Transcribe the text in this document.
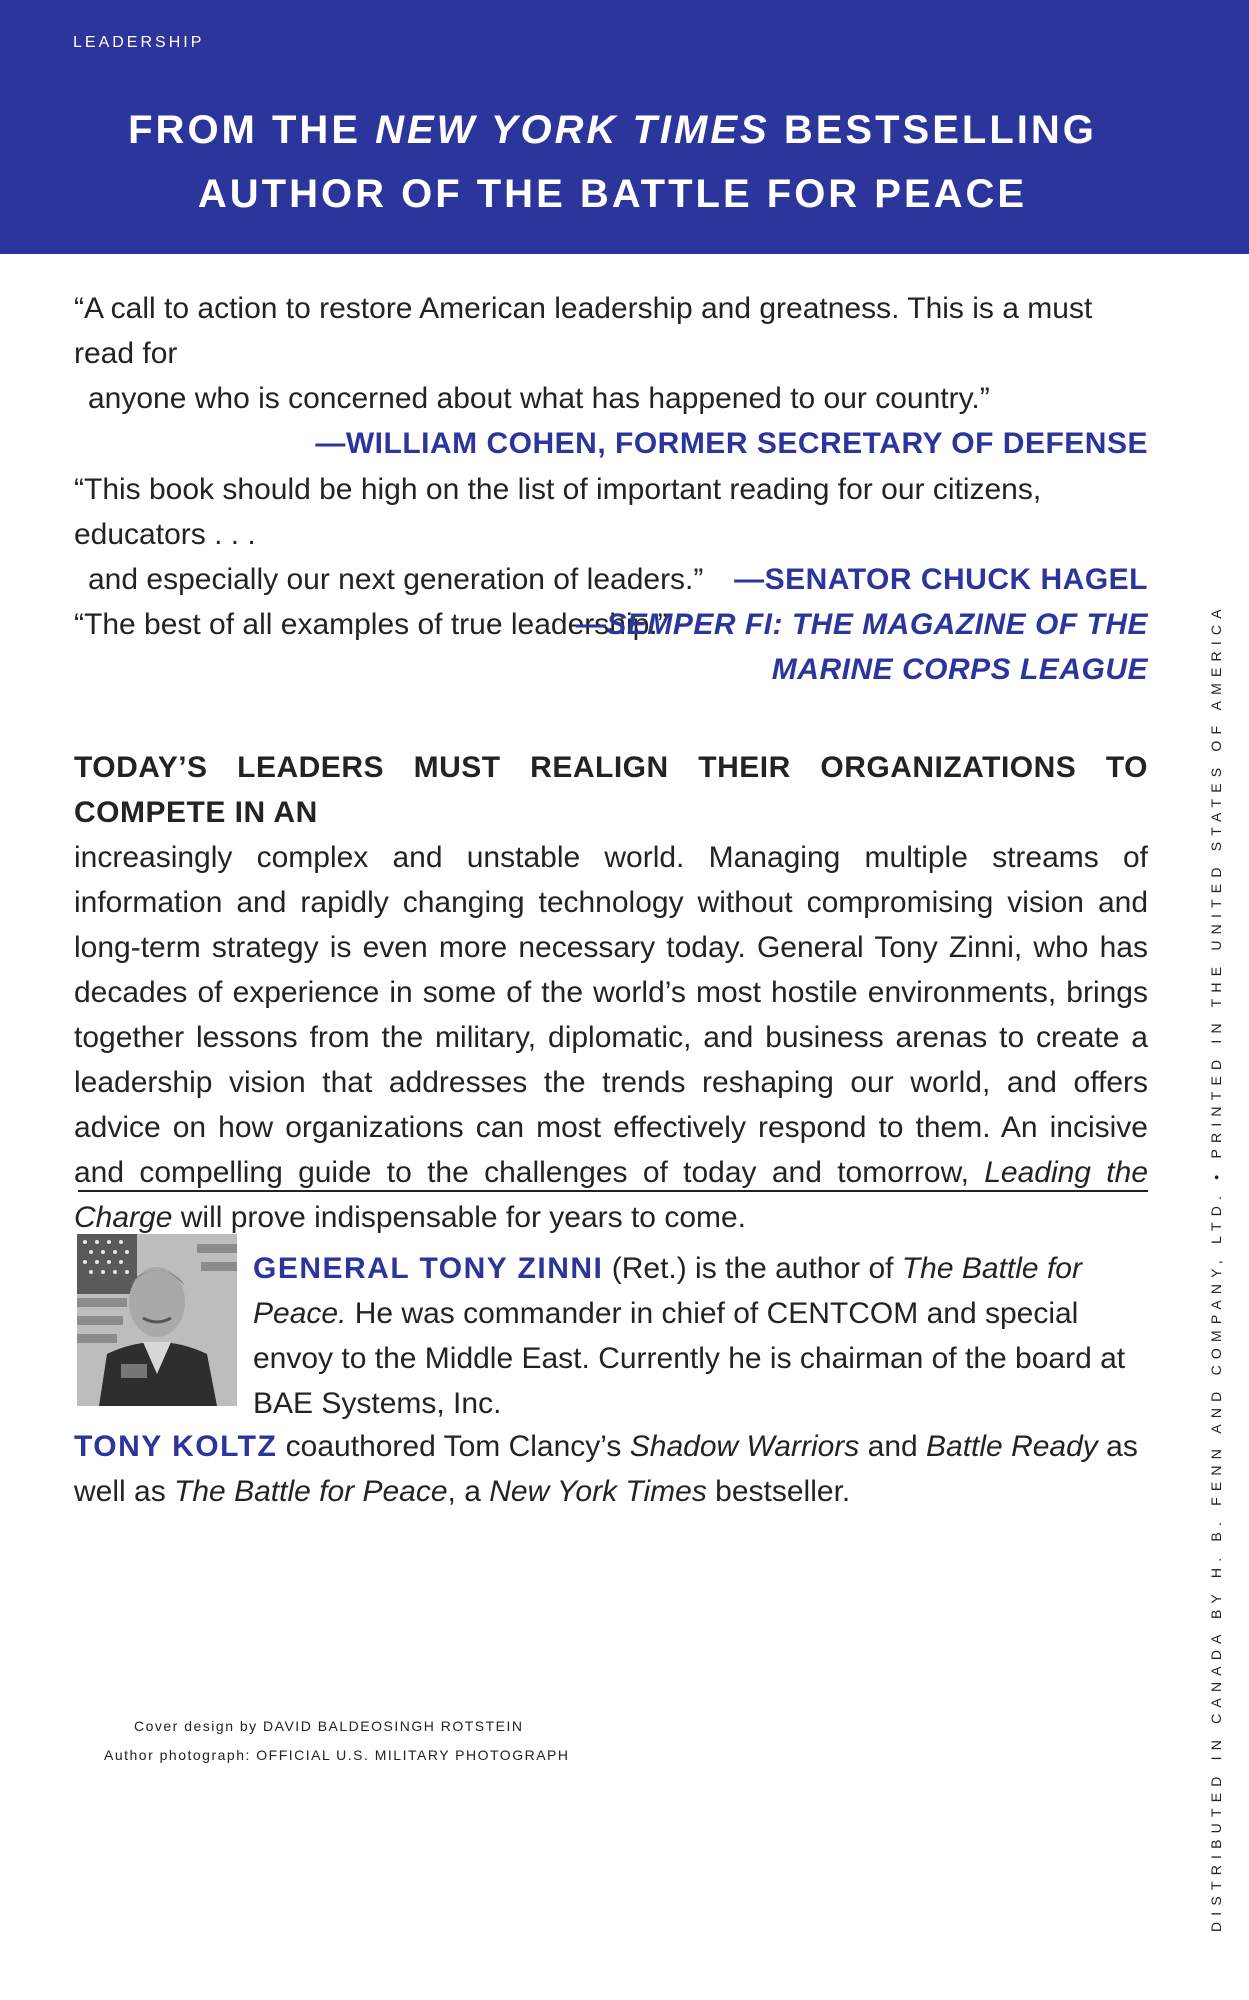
LEADERSHIP
FROM THE NEW YORK TIMES BESTSELLING
AUTHOR OF THE BATTLE FOR PEACE
“A call to action to restore American leadership and greatness. This is a must read for
anyone who is concerned about what has happened to our country.”
—WILLIAM COHEN, FORMER SECRETARY OF DEFENSE
“This book should be high on the list of important reading for our citizens, educators . . .
and especially our next generation of leaders.” —SENATOR CHUCK HAGEL
“The best of all examples of true leadership.”
—SEMPER FI: THE MAGAZINE OF THE
MARINE CORPS LEAGUE
TODAY’S LEADERS MUST REALIGN THEIR ORGANIZATIONS TO COMPETE IN AN
increasingly complex and unstable world. Managing multiple streams of information and rapidly changing technology without compromising vision and long-term strategy is even more necessary today. General Tony Zinni, who has decades of experience in some of the world’s most hostile environments, brings together lessons from the military, diplomatic, and business arenas to create a leadership vision that addresses the trends reshaping our world, and offers advice on how organizations can most effectively respond to them. An incisive and compelling guide to the challenges of today and tomorrow, Leading the Charge will prove indispensable for years to come.
GENERAL TONY ZINNI (Ret.) is the author of The Battle for Peace. He was commander in chief of CENTCOM and special envoy to the Middle East. Currently he is chairman of the board at BAE Systems, Inc.
TONY KOLTZ coauthored Tom Clancy’s Shadow Warriors and Battle Ready as well as The Battle for Peace, a New York Times bestseller.
Cover design by DAVID BALDEOSINGH ROTSTEIN
Author photograph: OFFICIAL U.S. MILITARY PHOTOGRAPH	DISTRIBUTED IN CANADA BY H. B. FENN AND COMPANY, LTD. • PRINTED IN THE UNITED STATES OF AMERICA
